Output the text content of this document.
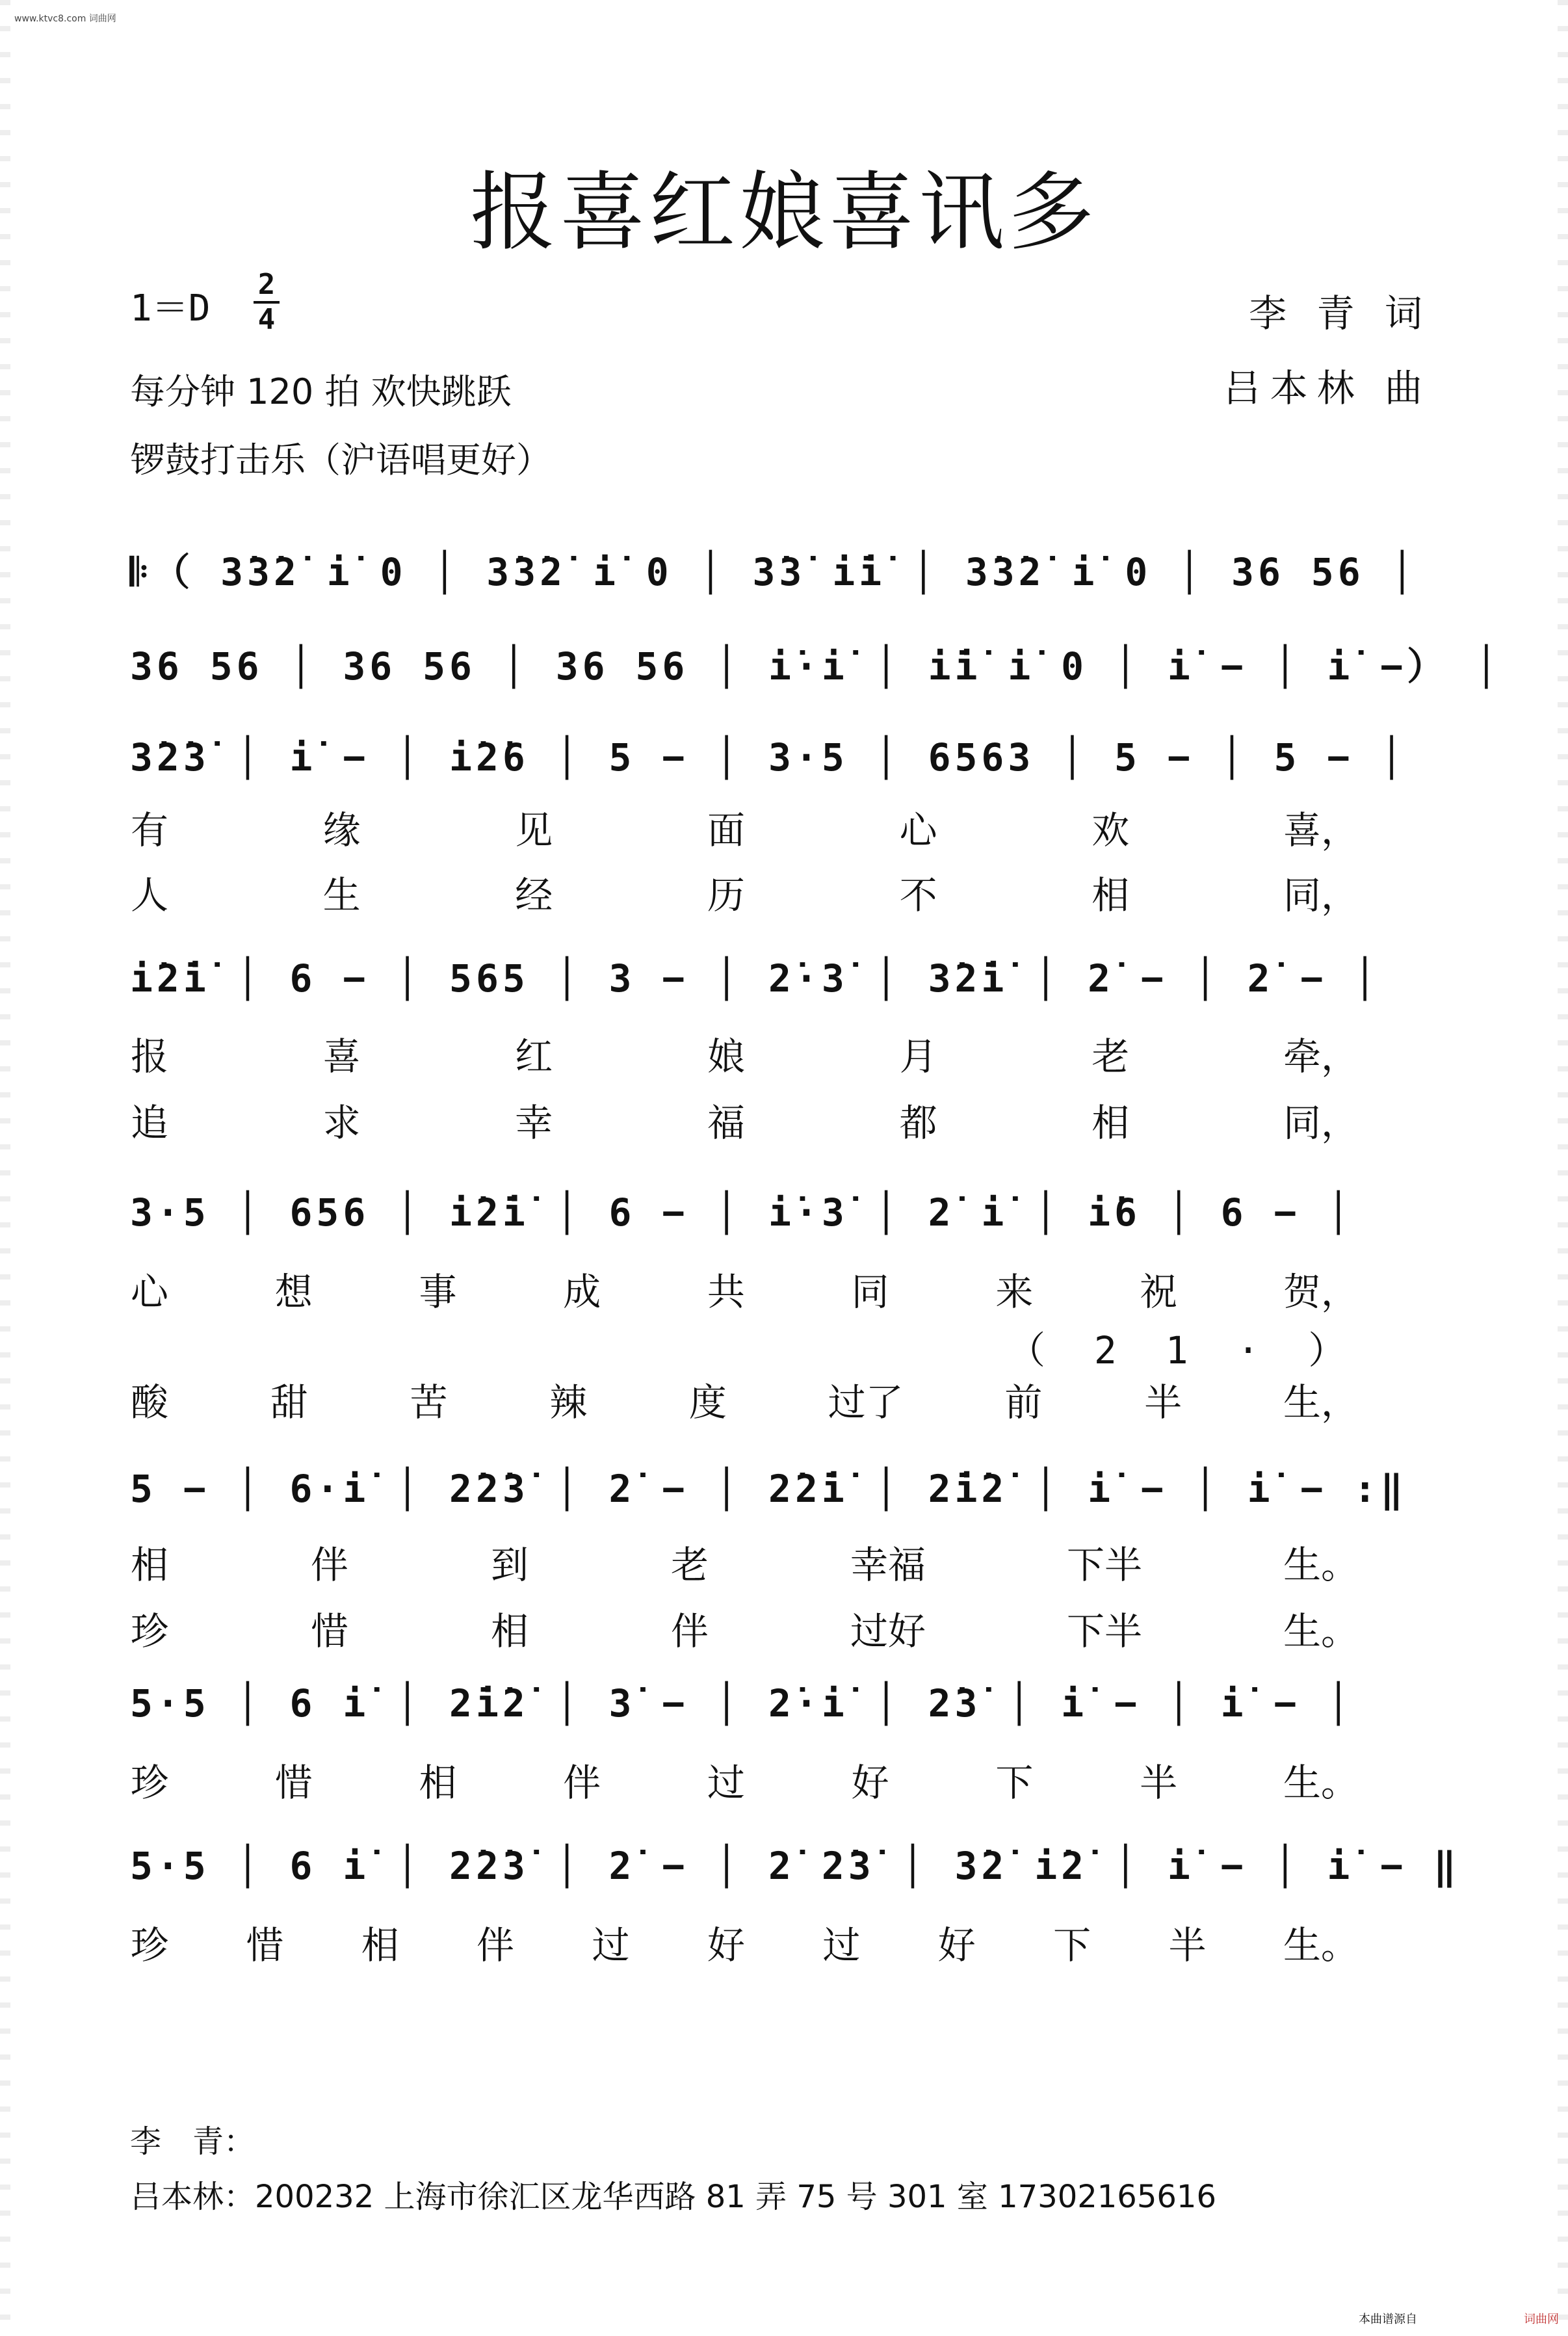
www.ktvc8.com 词曲网
报喜红娘喜讯多
1＝D
2
4	李 青 词
吕本林 曲
每分钟 120 拍 欢快跳跃
锣鼓打击乐（沪语唱更好）
𝄆（ 3̇3̇2̇ i̇ 0 │ 3̇3̇2̇ i̇ 0 │ 3̇3̇ i̇i̇ │ 3̇3̇2̇ i̇ 0 │ 36 56 │
36 56 │ 36 56 │ 36 56 │ i̇·i̇ │ i̇i̇ i̇ 0 │ i̇ − │ i̇ −） │
3̇2̇3̇ │ i̇ − │ i̇2̇6 │ 5 − │ 3·5 │ 6563 │ 5 − │ 5 − │
有	缘	见	面	心	欢	喜，
人	生	经	历	不	相	同，
i̇2̇i̇ │ 6 − │ 565 │ 3 − │ 2̇·3̇ │ 3̇2̇i̇ │ 2̇ − │ 2̇ − │
报	喜	红	娘	月	老	牵，
追	求	幸	福	都	相	同，
3·5 │ 656 │ i̇2̇i̇ │ 6 − │ i̇·3̇ │ 2̇ i̇ │ i̇6 │ 6 − │
心	想	事	成	共	同	来	祝	贺，
（ 2 1 · ）
酸	甜	苦	辣	度	过了	前	半	生，
5 − │ 6·i̇ │ 2̇2̇3̇ │ 2̇ − │ 2̇2̇i̇ │ 2̇i̇2̇ │ i̇ − │ i̇ − :‖
相	伴	到	老	幸福	下半	生。
珍	惜	相	伴	过好	下半	生。
5·5 │ 6 i̇ │ 2̇i̇2̇ │ 3̇ − │ 2̇·i̇ │ 2̇3̇ │ i̇ − │ i̇ − │
珍	惜	相	伴	过	好	下	半	生。
5·5 │ 6 i̇ │ 2̇2̇3̇ │ 2̇ − │ 2̇ 2̇3̇ │ 3̇2̇ i̇2̇ │ i̇ − │ i̇ − ‖
珍 惜 相 伴 过 好 过 好 下 半 生。
李　青：
吕本林：200232 上海市徐汇区龙华西路 81 弄 75 号 301 室 17302165616
本曲谱源自	词曲网
